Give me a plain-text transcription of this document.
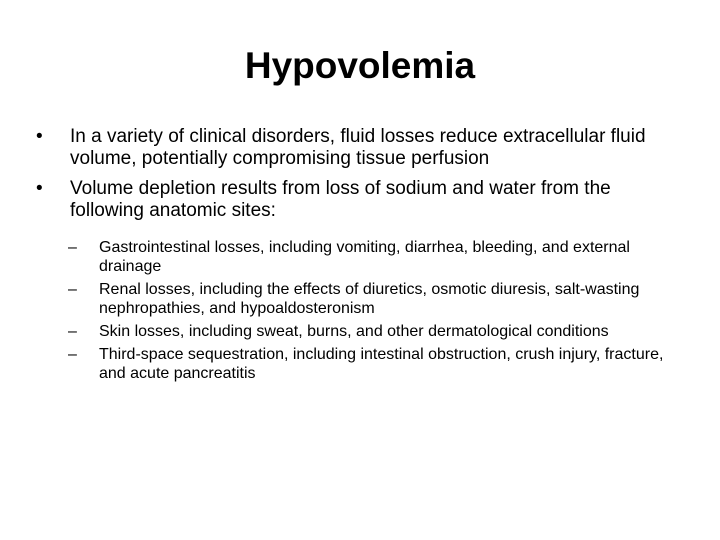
Hypovolemia
•	In a variety of clinical disorders, fluid losses reduce extracellular fluid volume, potentially compromising tissue perfusion
•	Volume depletion results from loss of sodium and water from the following anatomic sites:
–	Gastrointestinal losses, including vomiting, diarrhea, bleeding, and external drainage
–	Renal losses, including the effects of diuretics, osmotic diuresis, salt-wasting nephropathies, and hypoaldosteronism
–	Skin losses, including sweat, burns, and other dermatological conditions
–	Third-space sequestration, including intestinal obstruction, crush injury, fracture, and acute pancreatitis
